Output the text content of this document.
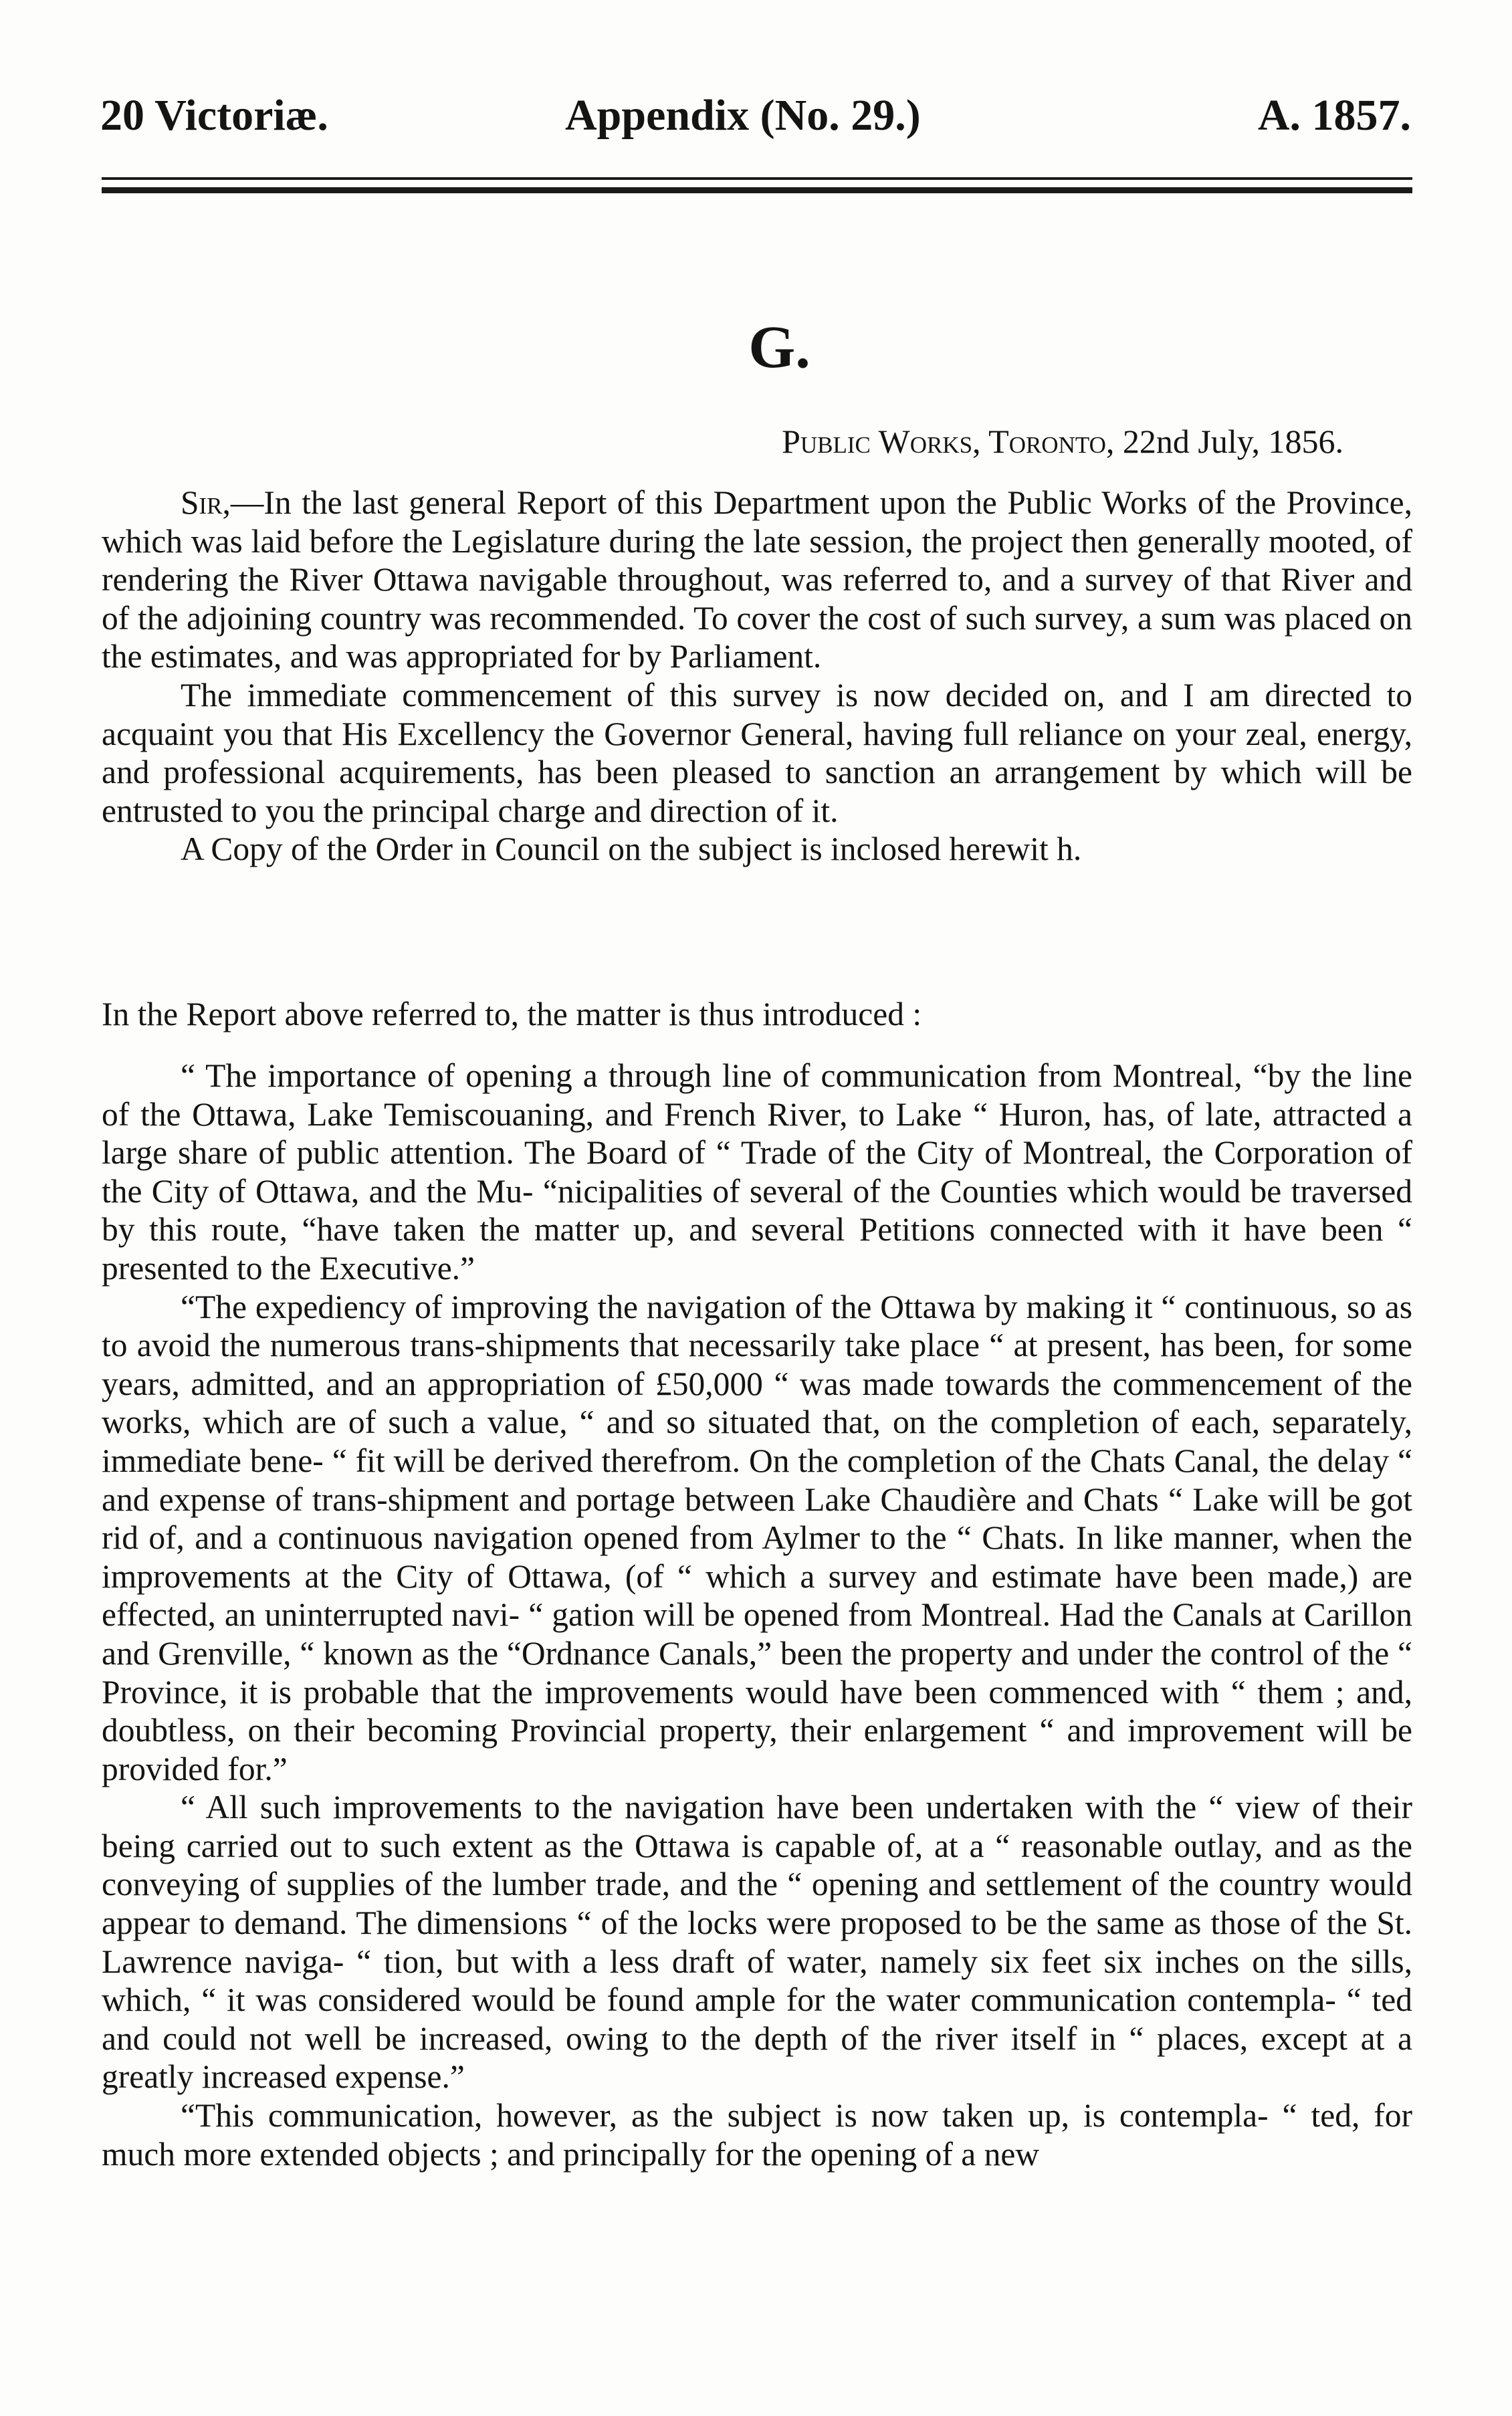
20 Victoriæ.	Appendix (No. 29.)	A. 1857.
G.
Public Works, Toronto, 22nd July, 1856.

Sir,—In the last general Report of this Department upon the Public Works of the Province, which was laid before the Legislature during the late session, the project then generally mooted, of rendering the River Ottawa navigable throughout, was referred to, and a survey of that River and of the adjoining country was recommended. To cover the cost of such survey, a sum was placed on the estimates, and was appropriated for by Parliament.

The immediate commencement of this survey is now decided on, and I am directed to acquaint you that His Excellency the Governor General, having full reliance on your zeal, energy, and professional acquirements, has been pleased to sanction an arrangement by which will be entrusted to you the principal charge and direction of it.

A Copy of the Order in Council on the subject is inclosed herewit h.

In the Report above referred to, the matter is thus introduced :

“ The importance of opening a through line of communication from Montreal, “by the line of the Ottawa, Lake Temiscouaning, and French River, to Lake “ Huron, has, of late, attracted a large share of public attention. The Board of “ Trade of the City of Montreal, the Corporation of the City of Ottawa, and the Mu- “nicipalities of several of the Counties which would be traversed by this route, “have taken the matter up, and several Petitions connected with it have been “ presented to the Executive.”

“The expediency of improving the navigation of the Ottawa by making it “ continuous, so as to avoid the numerous trans-shipments that necessarily take place “ at present, has been, for some years, admitted, and an appropriation of £50,000 “ was made towards the commencement of the works, which are of such a value, “ and so situated that, on the completion of each, separately, immediate bene- “ fit will be derived therefrom. On the completion of the Chats Canal, the delay “ and expense of trans-shipment and portage between Lake Chaudière and Chats “ Lake will be got rid of, and a continuous navigation opened from Aylmer to the “ Chats. In like manner, when the improvements at the City of Ottawa, (of “ which a survey and estimate have been made,) are effected, an uninterrupted navi- “ gation will be opened from Montreal. Had the Canals at Carillon and Grenville, “ known as the “Ordnance Canals,” been the property and under the control of the “ Province, it is probable that the improvements would have been commenced with “ them ; and, doubtless, on their becoming Provincial property, their enlargement “ and improvement will be provided for.”

“ All such improvements to the navigation have been undertaken with the “ view of their being carried out to such extent as the Ottawa is capable of, at a “ reasonable outlay, and as the conveying of supplies of the lumber trade, and the “ opening and settlement of the country would appear to demand. The dimensions “ of the locks were proposed to be the same as those of the St. Lawrence naviga- “ tion, but with a less draft of water, namely six feet six inches on the sills, which, “ it was considered would be found ample for the water communication contempla- “ ted and could not well be increased, owing to the depth of the river itself in “ places, except at a greatly increased expense.”

“This communication, however, as the subject is now taken up, is contempla- “ ted, for much more extended objects ; and principally for the opening of a new
